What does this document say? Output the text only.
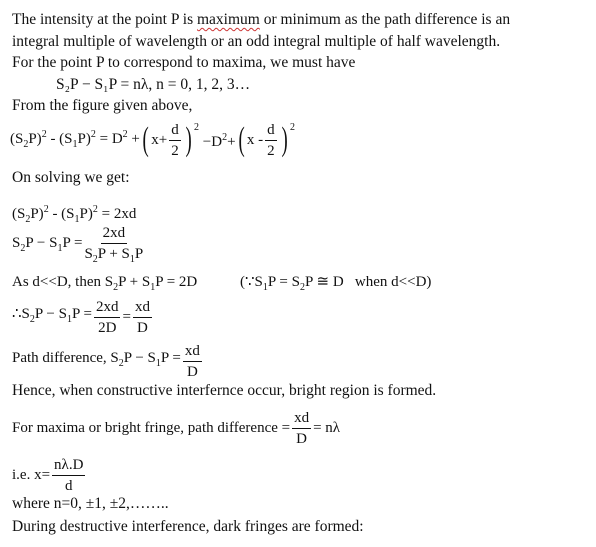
The intensity at the point P is maximum or minimum as the path difference is an
integral multiple of wavelength or an odd integral multiple of half wavelength.
For the point P to correspond to maxima, we must have
S₂P − S₁P = nλ, n = 0, 1, 2, 3…
From the figure given above,
$(S_2P)^2 - (S_1P)^2 = D^2$ + ( $x+ \frac{d}{2}$ ) $^2$
$-D^2+$ ( x - $\frac{d}{2}$ ) $^2$
On solving we get:
$(S_2P)^2 - (S_1P)^2 = 2xd$
$S_2P - S_1P = \frac{2xd}{S_2P + S_1P}$
As d<<D, then $S_2P + S_1P = 2D$	($\because S_1P = S_2P$ ≅ D   when d<<D)
$\therefore S_2P - S_1P = \frac{2xd}{2D} = \frac{xd}{D}$
Path difference, $S_2P - S_1P = \frac{xd}{D}$
Hence, when constructive interfernce occur, bright region is formed.
For maxima or bright fringe, path difference = $\frac{xd}{D} = n\lambda$
i.e. $x= \frac{n\lambda.D}{d}$
where n=0, ±1, ±2,……..
During destructive interference, dark fringes are formed:
